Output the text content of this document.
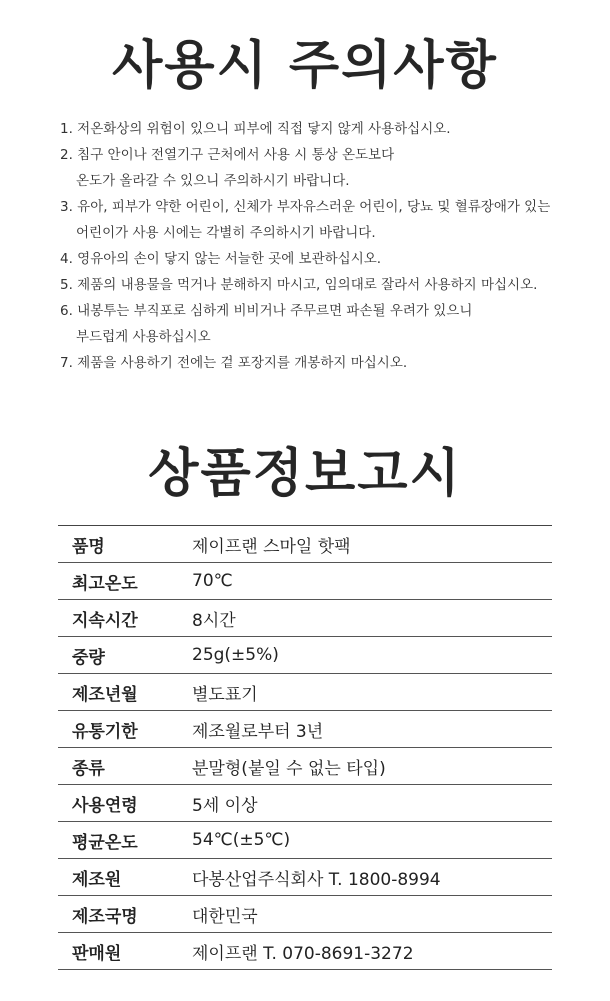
사용시 주의사항
1. 저온화상의 위험이 있으니 피부에 직접 닿지 않게 사용하십시오.
2. 침구 안이나 전열기구 근처에서 사용 시 통상 온도보다
온도가 올라갈 수 있으니 주의하시기 바랍니다.
3. 유아, 피부가 약한 어린이, 신체가 부자유스러운 어린이, 당뇨 및 혈류장애가 있는
어린이가 사용 시에는 각별히 주의하시기 바랍니다.
4. 영유아의 손이 닿지 않는 서늘한 곳에 보관하십시오.
5. 제품의 내용물을 먹거나 분해하지 마시고, 임의대로 잘라서 사용하지 마십시오.
6. 내봉투는 부직포로 심하게 비비거나 주무르면 파손될 우려가 있으니
부드럽게 사용하십시오
7. 제품을 사용하기 전에는 겉 포장지를 개봉하지 마십시오.
상품정보고시
품명	제이프랜 스마일 핫팩
최고온도	70℃
지속시간	8시간
중량	25g(±5%)
제조년월	별도표기
유통기한	제조월로부터 3년
종류	분말형(붙일 수 없는 타입)
사용연령	5세 이상
평균온도	54℃(±5℃)
제조원	다봉산업주식회사 T. 1800-8994
제조국명	대한민국
판매원	제이프랜 T. 070-8691-3272
